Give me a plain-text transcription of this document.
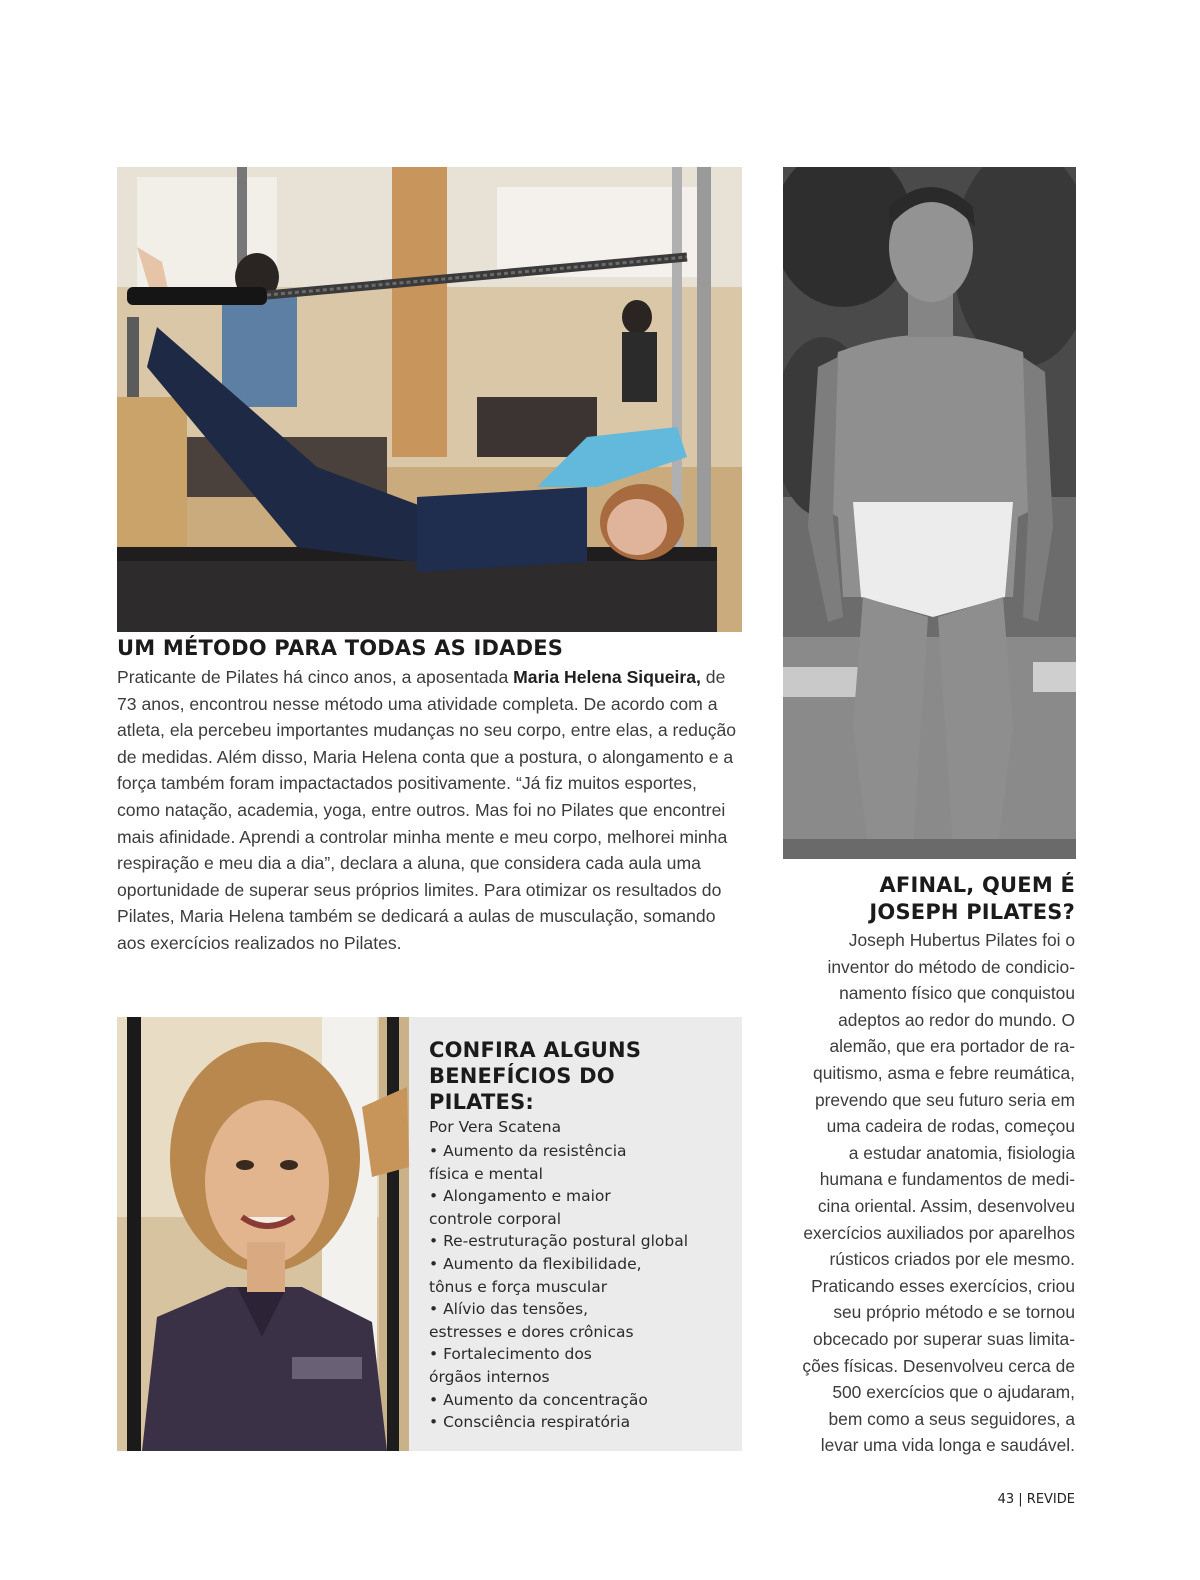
UM MÉTODO PARA TODAS AS IDADES

Praticante de Pilates há cinco anos, a aposentada Maria Helena Siqueira, de 73 anos, encontrou nesse método uma atividade completa. De acordo com a atleta, ela percebeu importantes mudanças no seu corpo, entre elas, a redução de medidas. Além disso, Maria Helena conta que a postura, o alongamento e a força também foram impactactados positivamente. “Já fiz muitos esportes, como natação, academia, yoga, entre outros. Mas foi no Pilates que encontrei mais afinidade. Aprendi a controlar minha mente e meu corpo, melhorei minha respiração e meu dia a dia”, declara a aluna, que considera cada aula uma oportunidade de superar seus próprios limites. Para otimizar os resultados do Pilates, Maria Helena também se dedicará a aulas de musculação, somando aos exercícios realizados no Pilates.

CONFIRA ALGUNS
BENEFÍCIOS DO
PILATES:

Por Vera Scatena

• Aumento da resistência
física e mental
• Alongamento e maior
controle corporal
• Re-estruturação postural global
• Aumento da flexibilidade,
tônus e força muscular
• Alívio das tensões,
estresses e dores crônicas
• Fortalecimento dos
órgãos internos
• Aumento da concentração
• Consciência respiratória
AFINAL, QUEM É
JOSEPH PILATES?

Joseph Hubertus Pilates foi o
inventor do método de condicio-
namento físico que conquistou
adeptos ao redor do mundo. O
alemão, que era portador de ra-
quitismo, asma e febre reumática,
prevendo que seu futuro seria em
uma cadeira de rodas, começou
a estudar anatomia, fisiologia
humana e fundamentos de medi-
cina oriental. Assim, desenvolveu
exercícios auxiliados por aparelhos
rústicos criados por ele mesmo.
Praticando esses exercícios, criou
seu próprio método e se tornou
obcecado por superar suas limita-
ções físicas. Desenvolveu cerca de
500 exercícios que o ajudaram,
bem como a seus seguidores, a
levar uma vida longa e saudável.

43 | REVIDE
